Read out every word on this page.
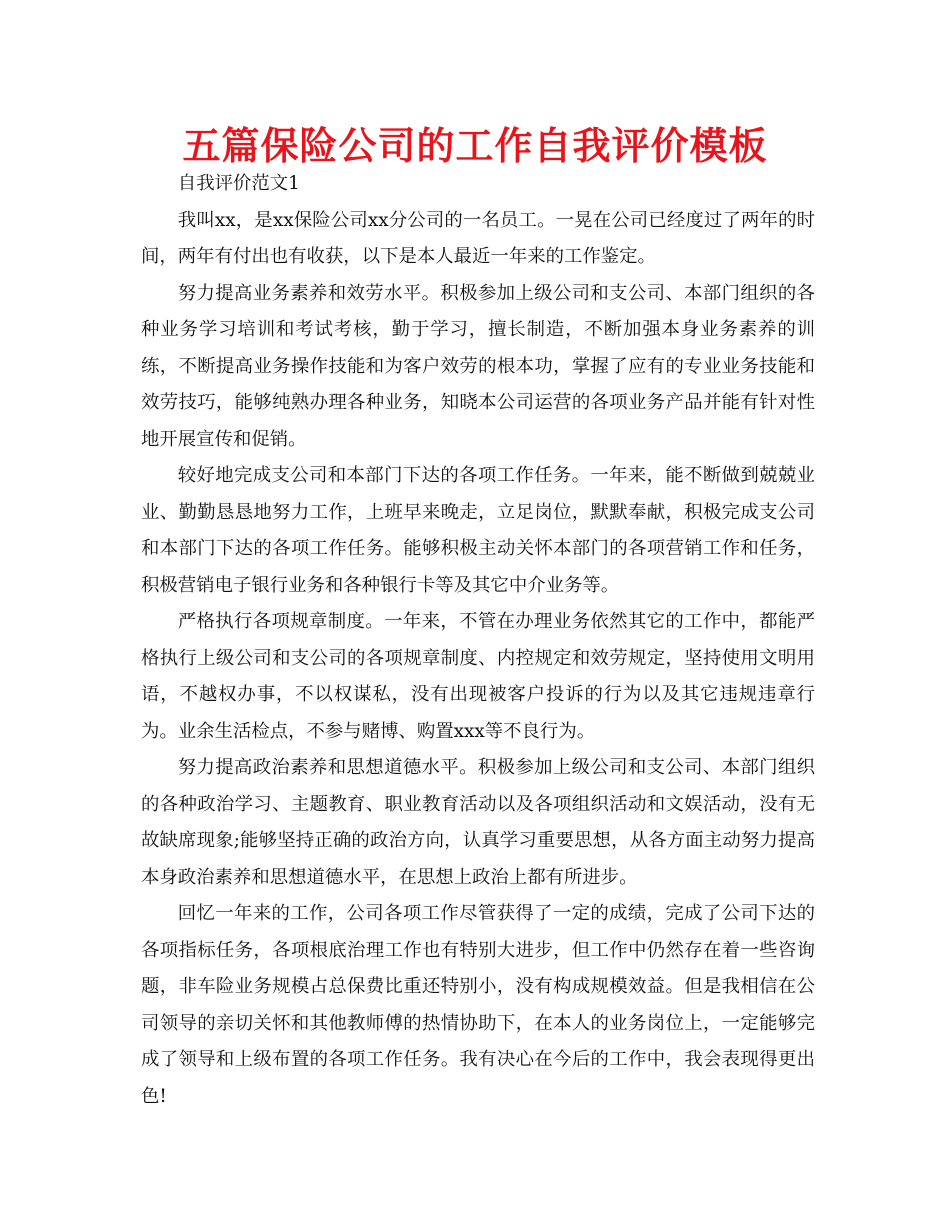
五篇保险公司的工作自我评价模板

自我评价范文1

我叫xx，是xx保险公司xx分公司的一名员工。一晃在公司已经度过了两年的时间，两年有付出也有收获，以下是本人最近一年来的工作鉴定。

努力提高业务素养和效劳水平。积极参加上级公司和支公司、本部门组织的各种业务学习培训和考试考核，勤于学习，擅长制造，不断加强本身业务素养的训练，不断提高业务操作技能和为客户效劳的根本功，掌握了应有的专业业务技能和效劳技巧，能够纯熟办理各种业务，知晓本公司运营的各项业务产品并能有针对性地开展宣传和促销。

较好地完成支公司和本部门下达的各项工作任务。一年来，能不断做到兢兢业业、勤勤恳恳地努力工作，上班早来晚走，立足岗位，默默奉献，积极完成支公司和本部门下达的各项工作任务。能够积极主动关怀本部门的各项营销工作和任务，积极营销电子银行业务和各种银行卡等及其它中介业务等。

严格执行各项规章制度。一年来，不管在办理业务依然其它的工作中，都能严格执行上级公司和支公司的各项规章制度、内控规定和效劳规定，坚持使用文明用语，不越权办事，不以权谋私，没有出现被客户投诉的行为以及其它违规违章行为。业余生活检点，不参与赌博、购置xxx等不良行为。

努力提高政治素养和思想道德水平。积极参加上级公司和支公司、本部门组织的各种政治学习、主题教育、职业教育活动以及各项组织活动和文娱活动，没有无故缺席现象;能够坚持正确的政治方向，认真学习重要思想，从各方面主动努力提高本身政治素养和思想道德水平，在思想上政治上都有所进步。

回忆一年来的工作，公司各项工作尽管获得了一定的成绩，完成了公司下达的各项指标任务，各项根底治理工作也有特别大进步，但工作中仍然存在着一些咨询题，非车险业务规模占总保费比重还特别小，没有构成规模效益。但是我相信在公司领导的亲切关怀和其他教师傅的热情协助下，在本人的业务岗位上，一定能够完成了领导和上级布置的各项工作任务。我有决心在今后的工作中，我会表现得更出色!
